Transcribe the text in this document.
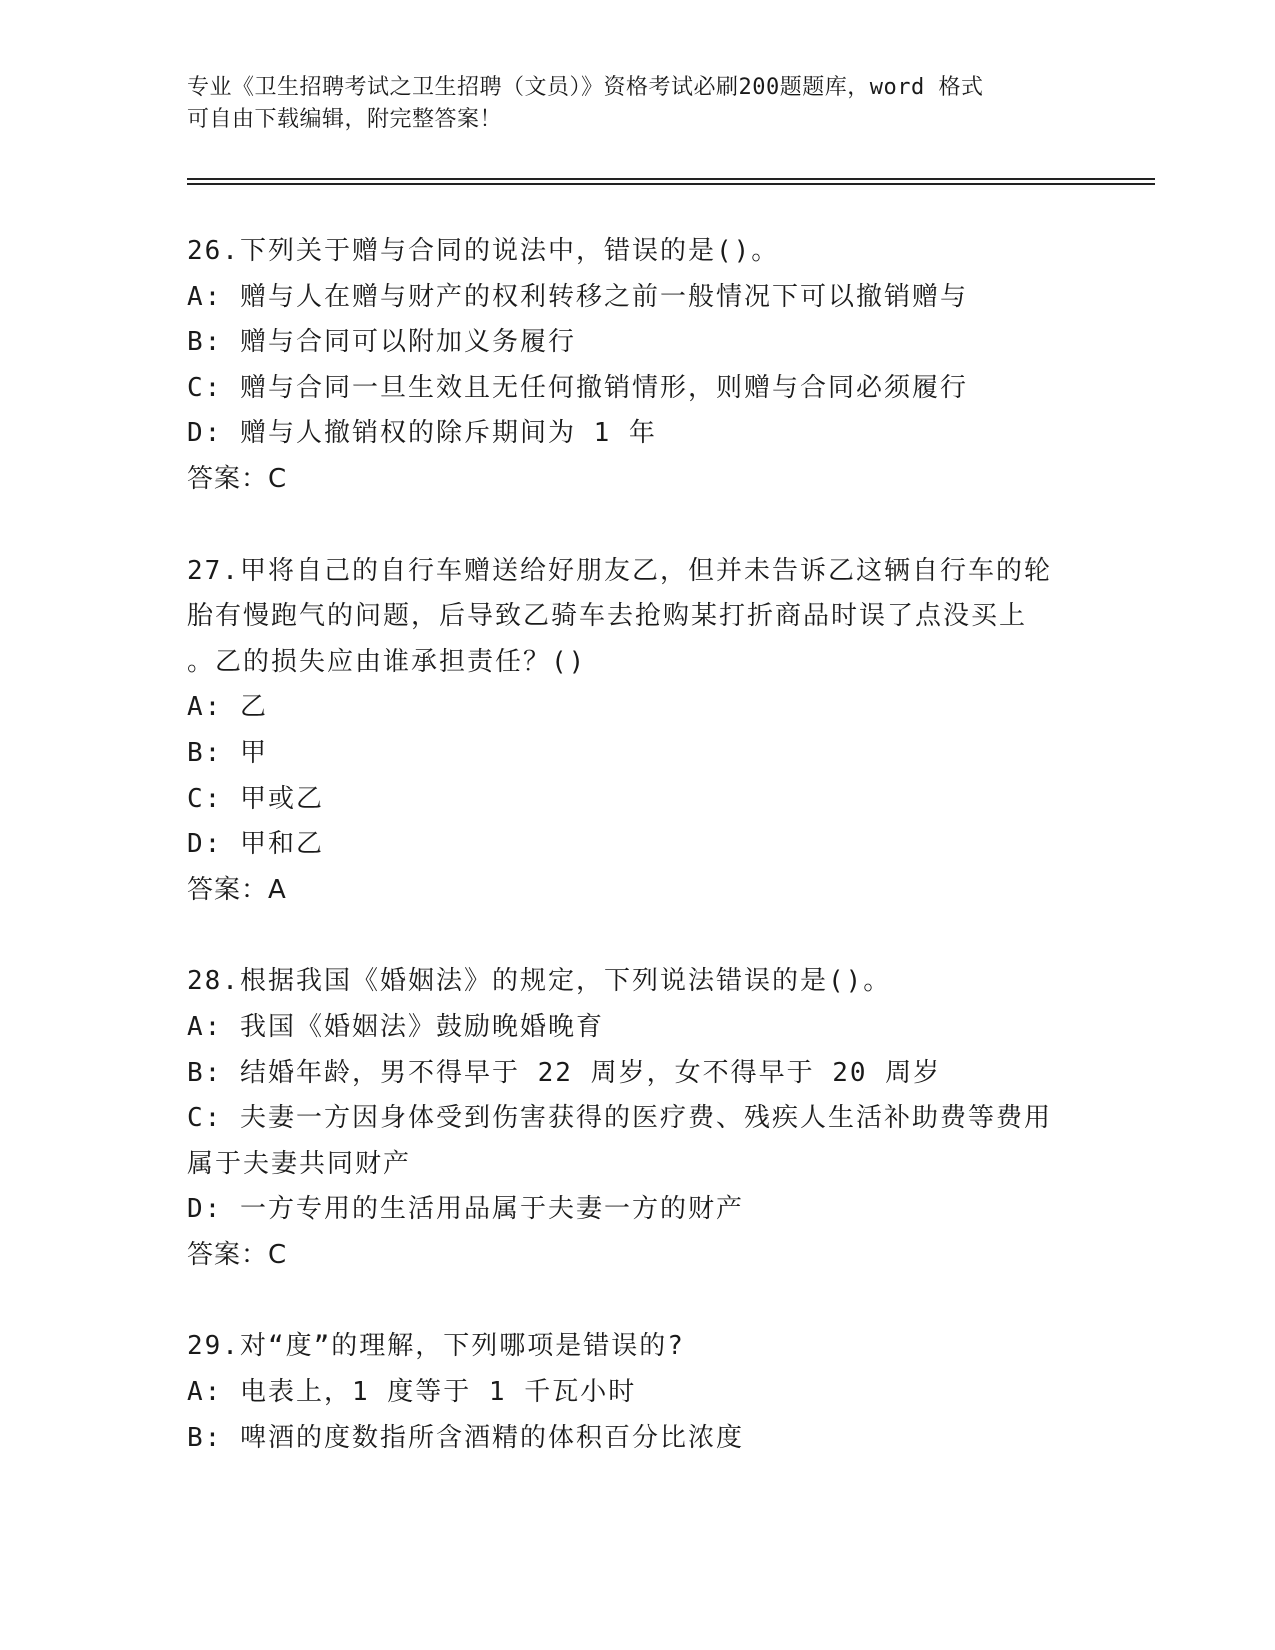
专业《卫生招聘考试之卫生招聘（文员）》资格考试必刷200题题库，word 格式

可自由下载编辑，附完整答案！

26.下列关于赠与合同的说法中，错误的是()。

A: 赠与人在赠与财产的权利转移之前一般情况下可以撤销赠与

B: 赠与合同可以附加义务履行

C: 赠与合同一旦生效且无任何撤销情形，则赠与合同必须履行

D: 赠与人撤销权的除斥期间为 1 年

答案：C

27.甲将自己的自行车赠送给好朋友乙，但并未告诉乙这辆自行车的轮

胎有慢跑气的问题，后导致乙骑车去抢购某打折商品时误了点没买上

。乙的损失应由谁承担责任？()

A: 乙

B: 甲

C: 甲或乙

D: 甲和乙

答案：A

28.根据我国《婚姻法》的规定，下列说法错误的是()。

A: 我国《婚姻法》鼓励晚婚晚育

B: 结婚年龄，男不得早于 22 周岁，女不得早于 20 周岁

C: 夫妻一方因身体受到伤害获得的医疗费、残疾人生活补助费等费用

属于夫妻共同财产

D: 一方专用的生活用品属于夫妻一方的财产

答案：C

29.对“度”的理解，下列哪项是错误的?

A: 电表上，1 度等于 1 千瓦小时

B: 啤酒的度数指所含酒精的体积百分比浓度
